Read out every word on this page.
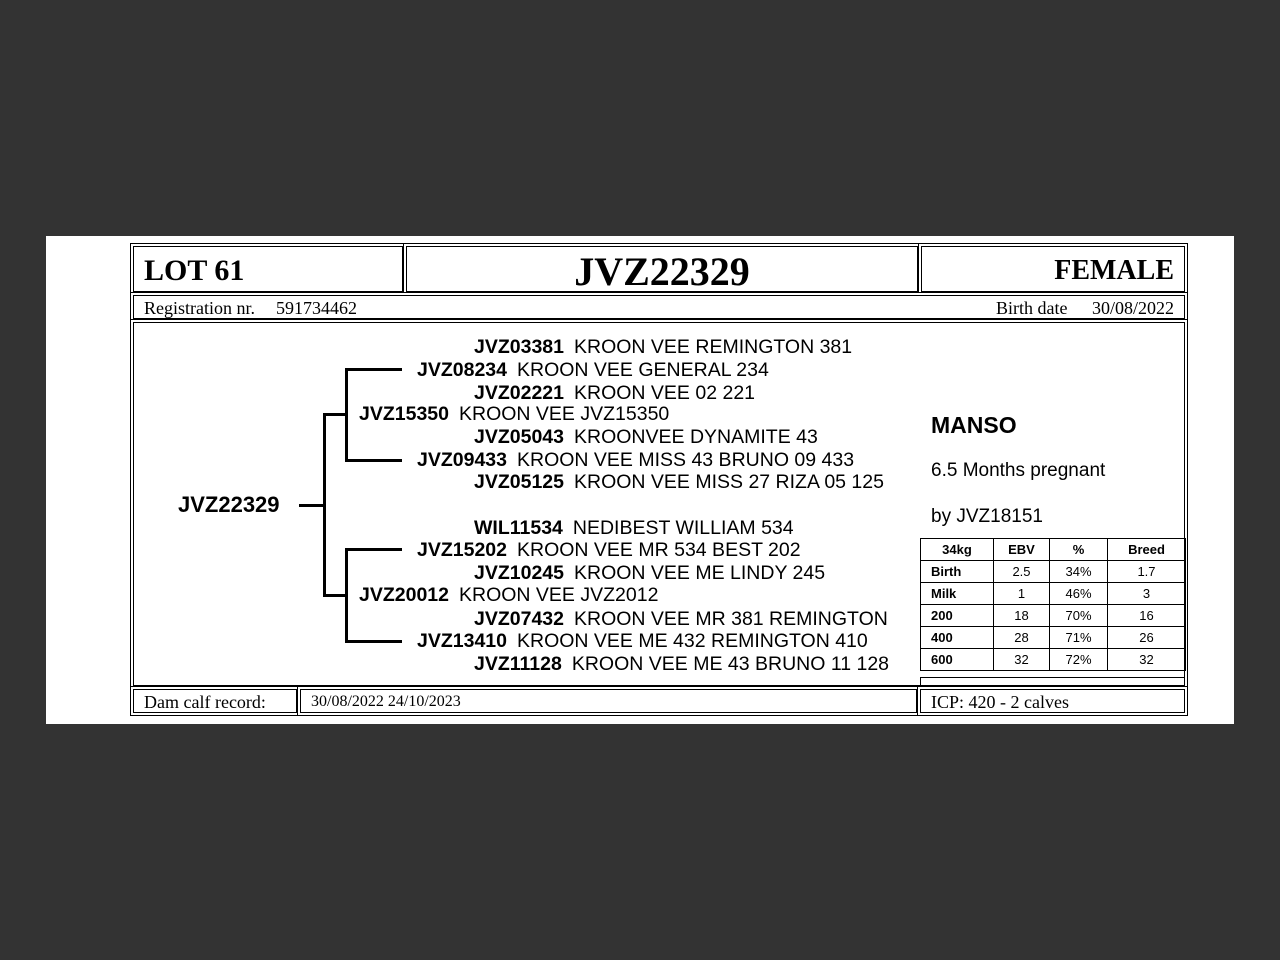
LOT 61	JVZ22329	FEMALE
Registration nr. 591734462	Birth date 30/08/2022
JVZ22329
JVZ03381 KROON VEE REMINGTON 381
JVZ08234 KROON VEE GENERAL 234
JVZ02221 KROON VEE 02 221
JVZ15350 KROON VEE JVZ15350
JVZ05043 KROONVEE DYNAMITE 43
JVZ09433 KROON VEE MISS 43 BRUNO 09 433
JVZ05125 KROON VEE MISS 27 RIZA 05 125
WIL11534 NEDIBEST WILLIAM 534
JVZ15202 KROON VEE MR 534 BEST 202
JVZ10245 KROON VEE ME LINDY 245
JVZ20012 KROON VEE JVZ2012
JVZ07432 KROON VEE MR 381 REMINGTON
JVZ13410 KROON VEE ME 432 REMINGTON 410
JVZ11128 KROON VEE ME 43 BRUNO 11 128
MANSO
6.5 Months pregnant
by JVZ18151
34kg	EBV	%	Breed
Birth	2.5	34%	1.7
Milk	1	46%	3
200	18	70%	16
400	28	71%	26
600	32	72%	32
Dam calf record:	30/08/2022 24/10/2023	ICP: 420 - 2 calves
